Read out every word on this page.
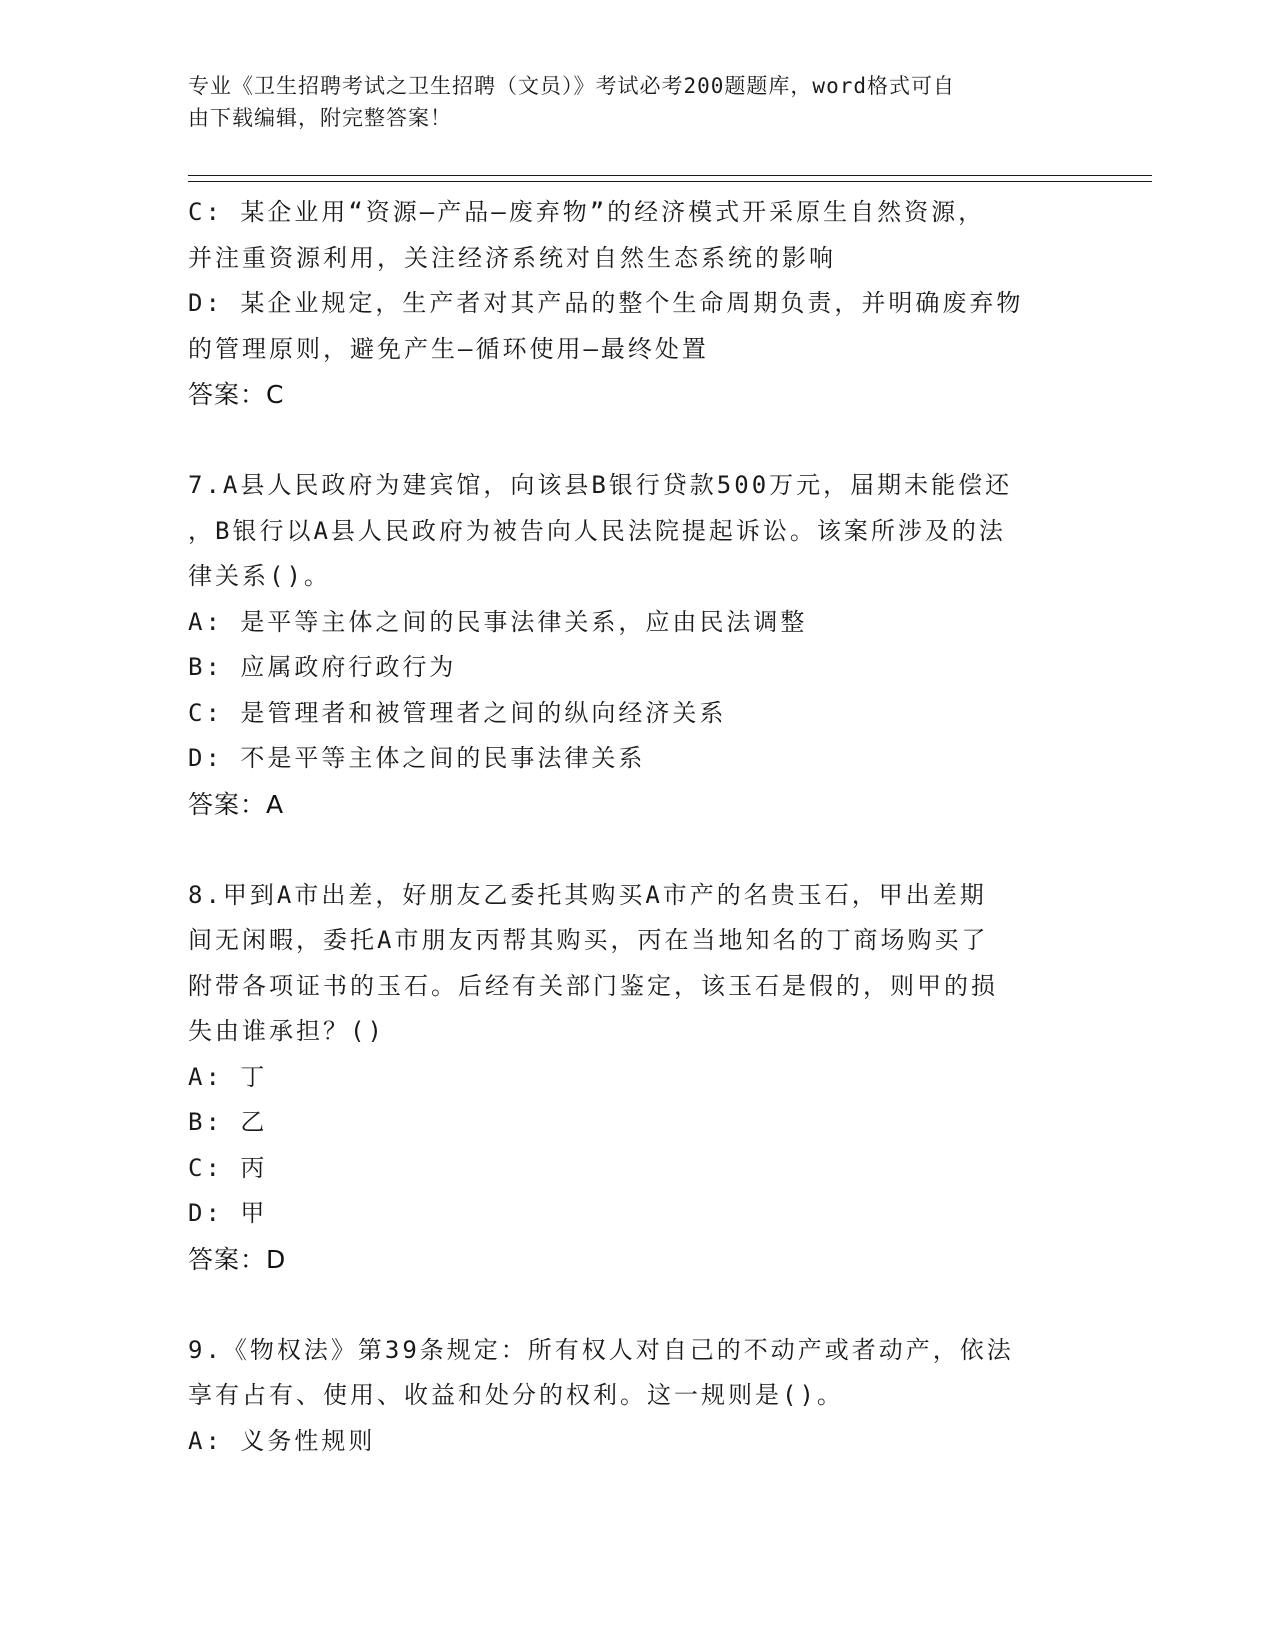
专业《卫生招聘考试之卫生招聘（文员）》考试必考200题题库，word格式可自
由下载编辑，附完整答案！
C: 某企业用“资源—产品—废弃物”的经济模式开采原生自然资源，
并注重资源利用，关注经济系统对自然生态系统的影响
D: 某企业规定，生产者对其产品的整个生命周期负责，并明确废弃物
的管理原则，避免产生—循环使用—最终处置
答案：C
7.A县人民政府为建宾馆，向该县B银行贷款500万元，届期未能偿还
，B银行以A县人民政府为被告向人民法院提起诉讼。该案所涉及的法
律关系()。
A: 是平等主体之间的民事法律关系，应由民法调整
B: 应属政府行政行为
C: 是管理者和被管理者之间的纵向经济关系
D: 不是平等主体之间的民事法律关系
答案：A
8.甲到A市出差，好朋友乙委托其购买A市产的名贵玉石，甲出差期
间无闲暇，委托A市朋友丙帮其购买，丙在当地知名的丁商场购买了
附带各项证书的玉石。后经有关部门鉴定，该玉石是假的，则甲的损
失由谁承担？()
A: 丁
B: 乙
C: 丙
D: 甲
答案：D
9.《物权法》第39条规定：所有权人对自己的不动产或者动产，依法
享有占有、使用、收益和处分的权利。这一规则是()。
A: 义务性规则
